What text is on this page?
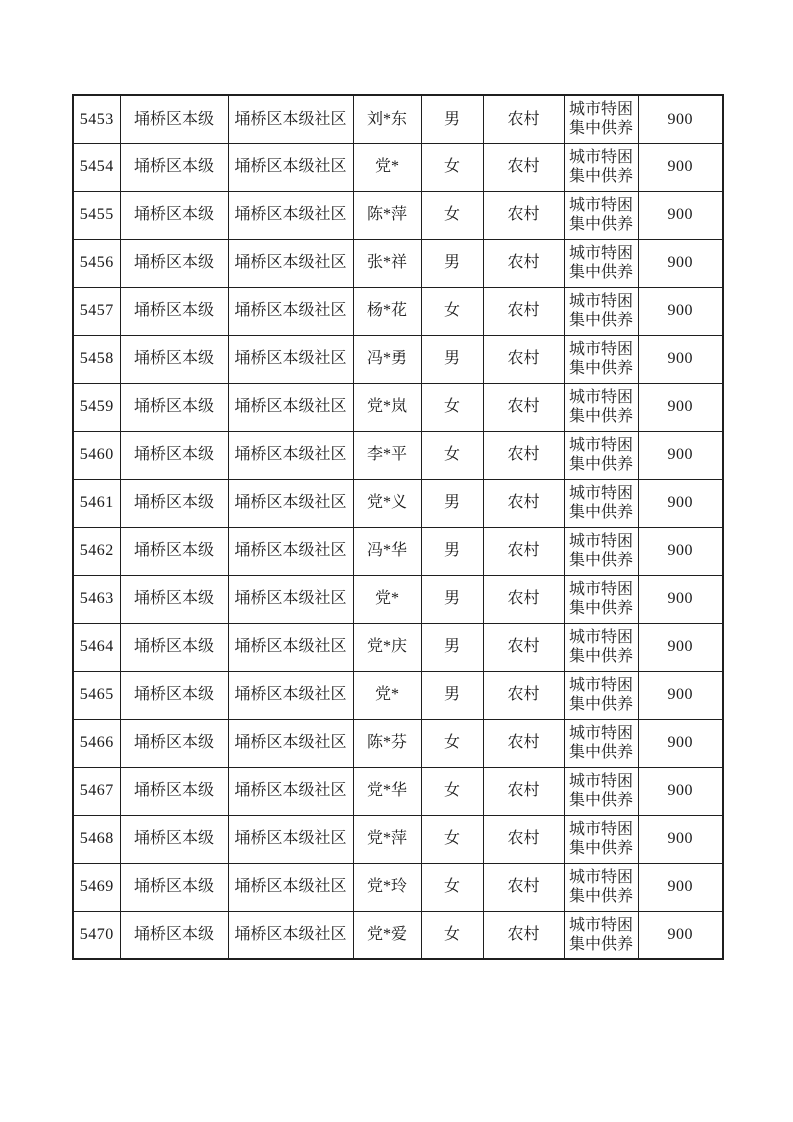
5453	埇桥区本级	埇桥区本级社区	刘*东	男	农村	城市特困集中供养	900
5454	埇桥区本级	埇桥区本级社区	党*	女	农村	城市特困集中供养	900
5455	埇桥区本级	埇桥区本级社区	陈*萍	女	农村	城市特困集中供养	900
5456	埇桥区本级	埇桥区本级社区	张*祥	男	农村	城市特困集中供养	900
5457	埇桥区本级	埇桥区本级社区	杨*花	女	农村	城市特困集中供养	900
5458	埇桥区本级	埇桥区本级社区	冯*勇	男	农村	城市特困集中供养	900
5459	埇桥区本级	埇桥区本级社区	党*岚	女	农村	城市特困集中供养	900
5460	埇桥区本级	埇桥区本级社区	李*平	女	农村	城市特困集中供养	900
5461	埇桥区本级	埇桥区本级社区	党*义	男	农村	城市特困集中供养	900
5462	埇桥区本级	埇桥区本级社区	冯*华	男	农村	城市特困集中供养	900
5463	埇桥区本级	埇桥区本级社区	党*	男	农村	城市特困集中供养	900
5464	埇桥区本级	埇桥区本级社区	党*庆	男	农村	城市特困集中供养	900
5465	埇桥区本级	埇桥区本级社区	党*	男	农村	城市特困集中供养	900
5466	埇桥区本级	埇桥区本级社区	陈*芬	女	农村	城市特困集中供养	900
5467	埇桥区本级	埇桥区本级社区	党*华	女	农村	城市特困集中供养	900
5468	埇桥区本级	埇桥区本级社区	党*萍	女	农村	城市特困集中供养	900
5469	埇桥区本级	埇桥区本级社区	党*玲	女	农村	城市特困集中供养	900
5470	埇桥区本级	埇桥区本级社区	党*爱	女	农村	城市特困集中供养	900
